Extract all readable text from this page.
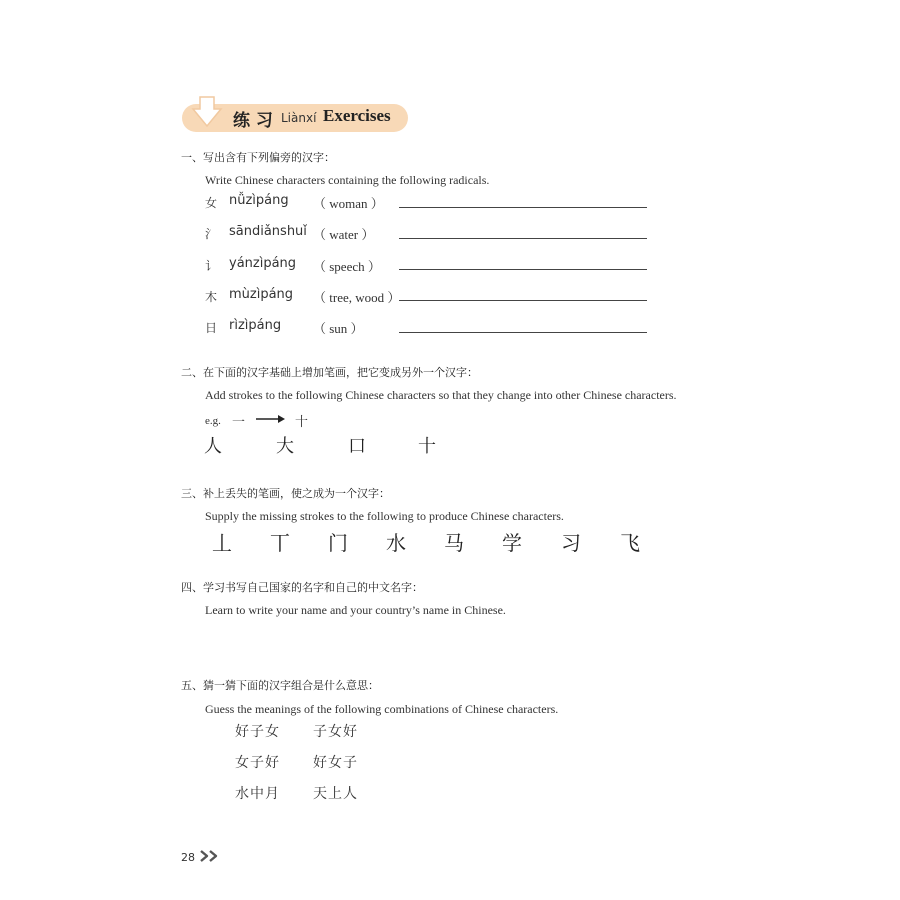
练 习 Liànxí Exercises
一、写出含有下列偏旁的汉字：
Write Chinese characters containing the following radicals.
女 nǚzìpáng （ woman ）
氵 sāndiǎnshuǐ （ water ）
讠 yánzìpáng （ speech ）
木 mùzìpáng （ tree, wood ）
日 rìzìpáng （ sun ）
二、在下面的汉字基础上增加笔画，把它变成另外一个汉字：
Add strokes to the following Chinese characters so that they change into other Chinese characters.
e.g. 一	十
人	大	口	十
三、补上丢失的笔画，使之成为一个汉字：
Supply the missing strokes to the following to produce Chinese characters.
丄 丅 门 水 马 学 习 飞
四、学习书写自己国家的名字和自己的中文名字：
Learn to write your name and your country’s name in Chinese.
五、猜一猜下面的汉字组合是什么意思：
Guess the meanings of the following combinations of Chinese characters.
好子女 子女好
女子好 好女子
水中月 天上人
28
